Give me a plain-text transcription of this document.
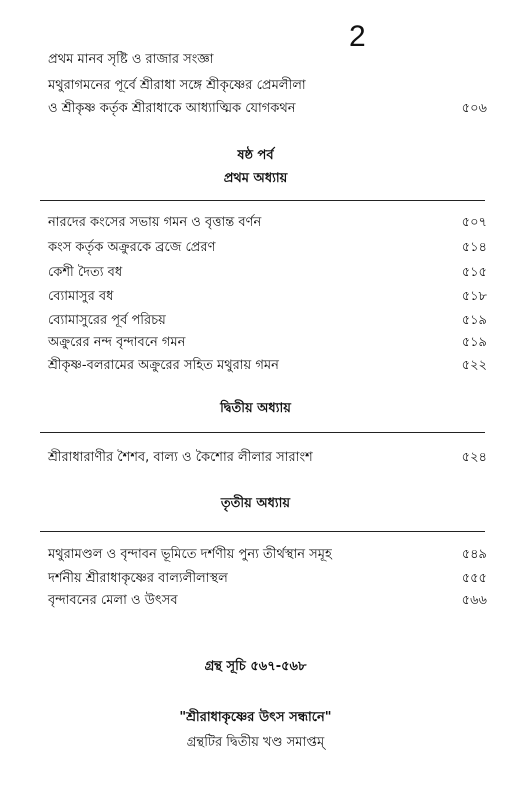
2
প্রথম মানব সৃষ্টি ও রাজার সংজ্ঞা
মথুরাগমনের পূর্বে শ্রীরাধা সঙ্গে শ্রীকৃষ্ণের প্রেমলীলা
ও শ্রীকৃষ্ণ কর্তৃক শ্রীরাধাকে আধ্যাত্মিক যোগকথন	৫০৬
ষষ্ঠ পর্ব
প্রথম অধ্যায়
নারদের কংসের সভায় গমন ও বৃত্তান্ত বর্ণন	৫০৭
কংস কর্তৃক অক্রুরকে ব্রজে প্রেরণ	৫১৪
কেশী দৈত্য বধ	৫১৫
ব্যোমাসুর বধ	৫১৮
ব্যোমাসুরের পূর্ব পরিচয়	৫১৯
অক্রুরের নন্দ বৃন্দাবনে গমন	৫১৯
শ্রীকৃষ্ণ-বলরামের অক্রুরের সহিত মথুরায় গমন	৫২২
দ্বিতীয় অধ্যায়
শ্রীরাধারাণীর শৈশব, বাল্য ও কৈশোর লীলার সারাংশ	৫২৪
তৃতীয় অধ্যায়
মথুরামণ্ডল ও বৃন্দাবন ভূমিতে দর্শণীয় পুন্য তীর্থস্থান সমূহ	৫৪৯
দর্শনীয় শ্রীরাধাকৃষ্ণের বাল্যলীলাস্থল	৫৫৫
বৃন্দাবনের মেলা ও উৎসব	৫৬৬
গ্রন্থ সূচি ৫৬৭-৫৬৮
"শ্রীরাধাকৃষ্ণের উৎস সন্ধানে"
গ্রন্থটির দ্বিতীয় খণ্ড সমাপ্তম্
